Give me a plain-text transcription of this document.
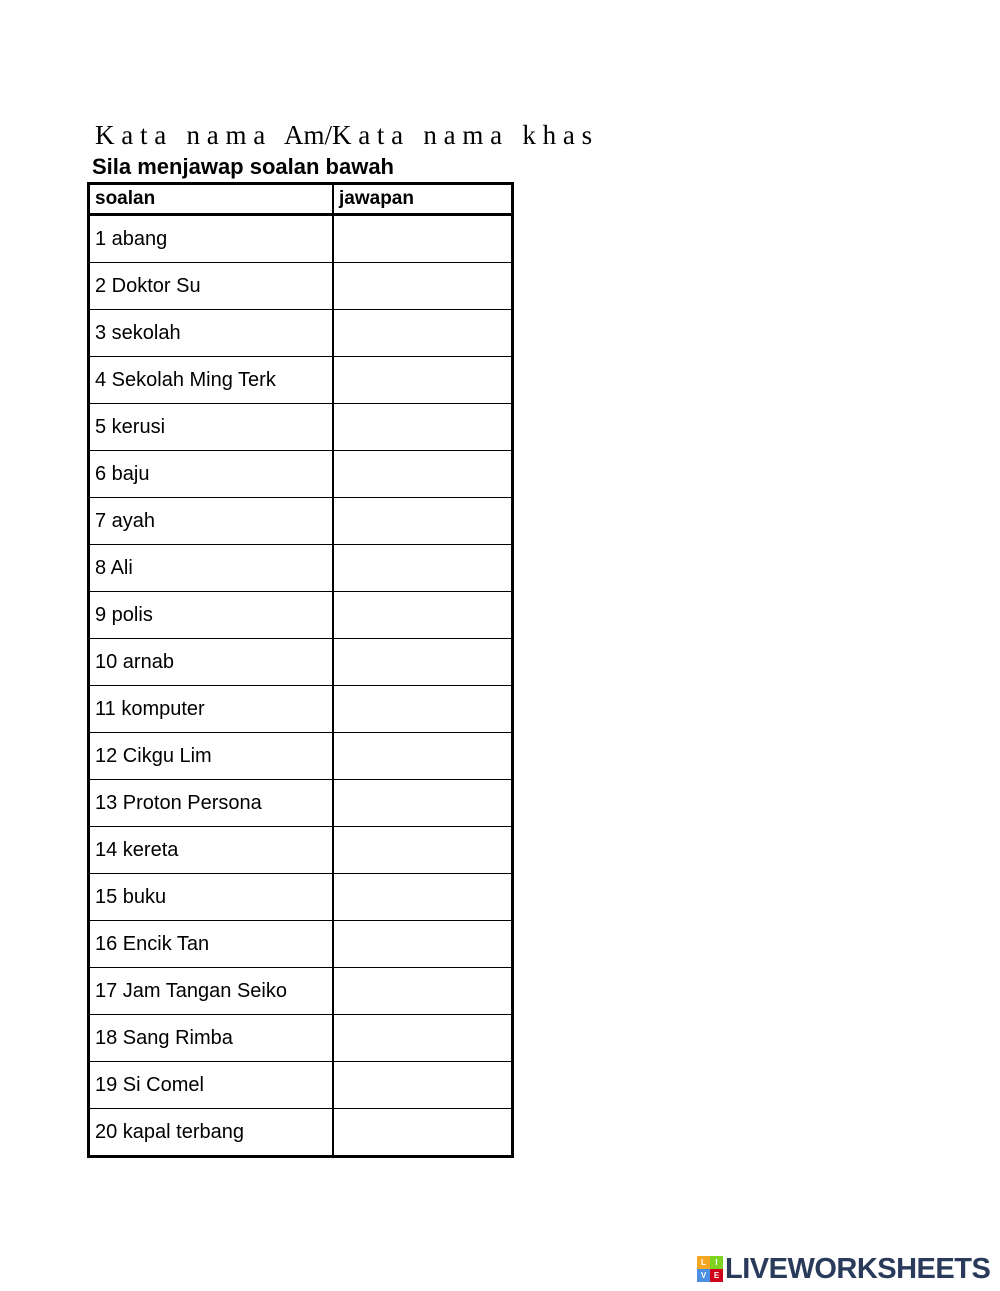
K a t a   n a m a   Am/K a t a   n a m a   k h a s
Sila menjawap soalan bawah
soalan	jawapan
1 abang	
2 Doktor Su	
3 sekolah	
4 Sekolah Ming Terk	
5 kerusi	
6 baju	
7 ayah	
8 Ali	
9 polis	
10 arnab	
11 komputer	
12 Cikgu Lim	
13 Proton Persona	
14 kereta	
15 buku	
16 Encik Tan	
17 Jam Tangan Seiko	
18 Sang Rimba	
19 Si Comel	
20 kapal terbang	
L	I
V E LIVEWORKSHEETS
